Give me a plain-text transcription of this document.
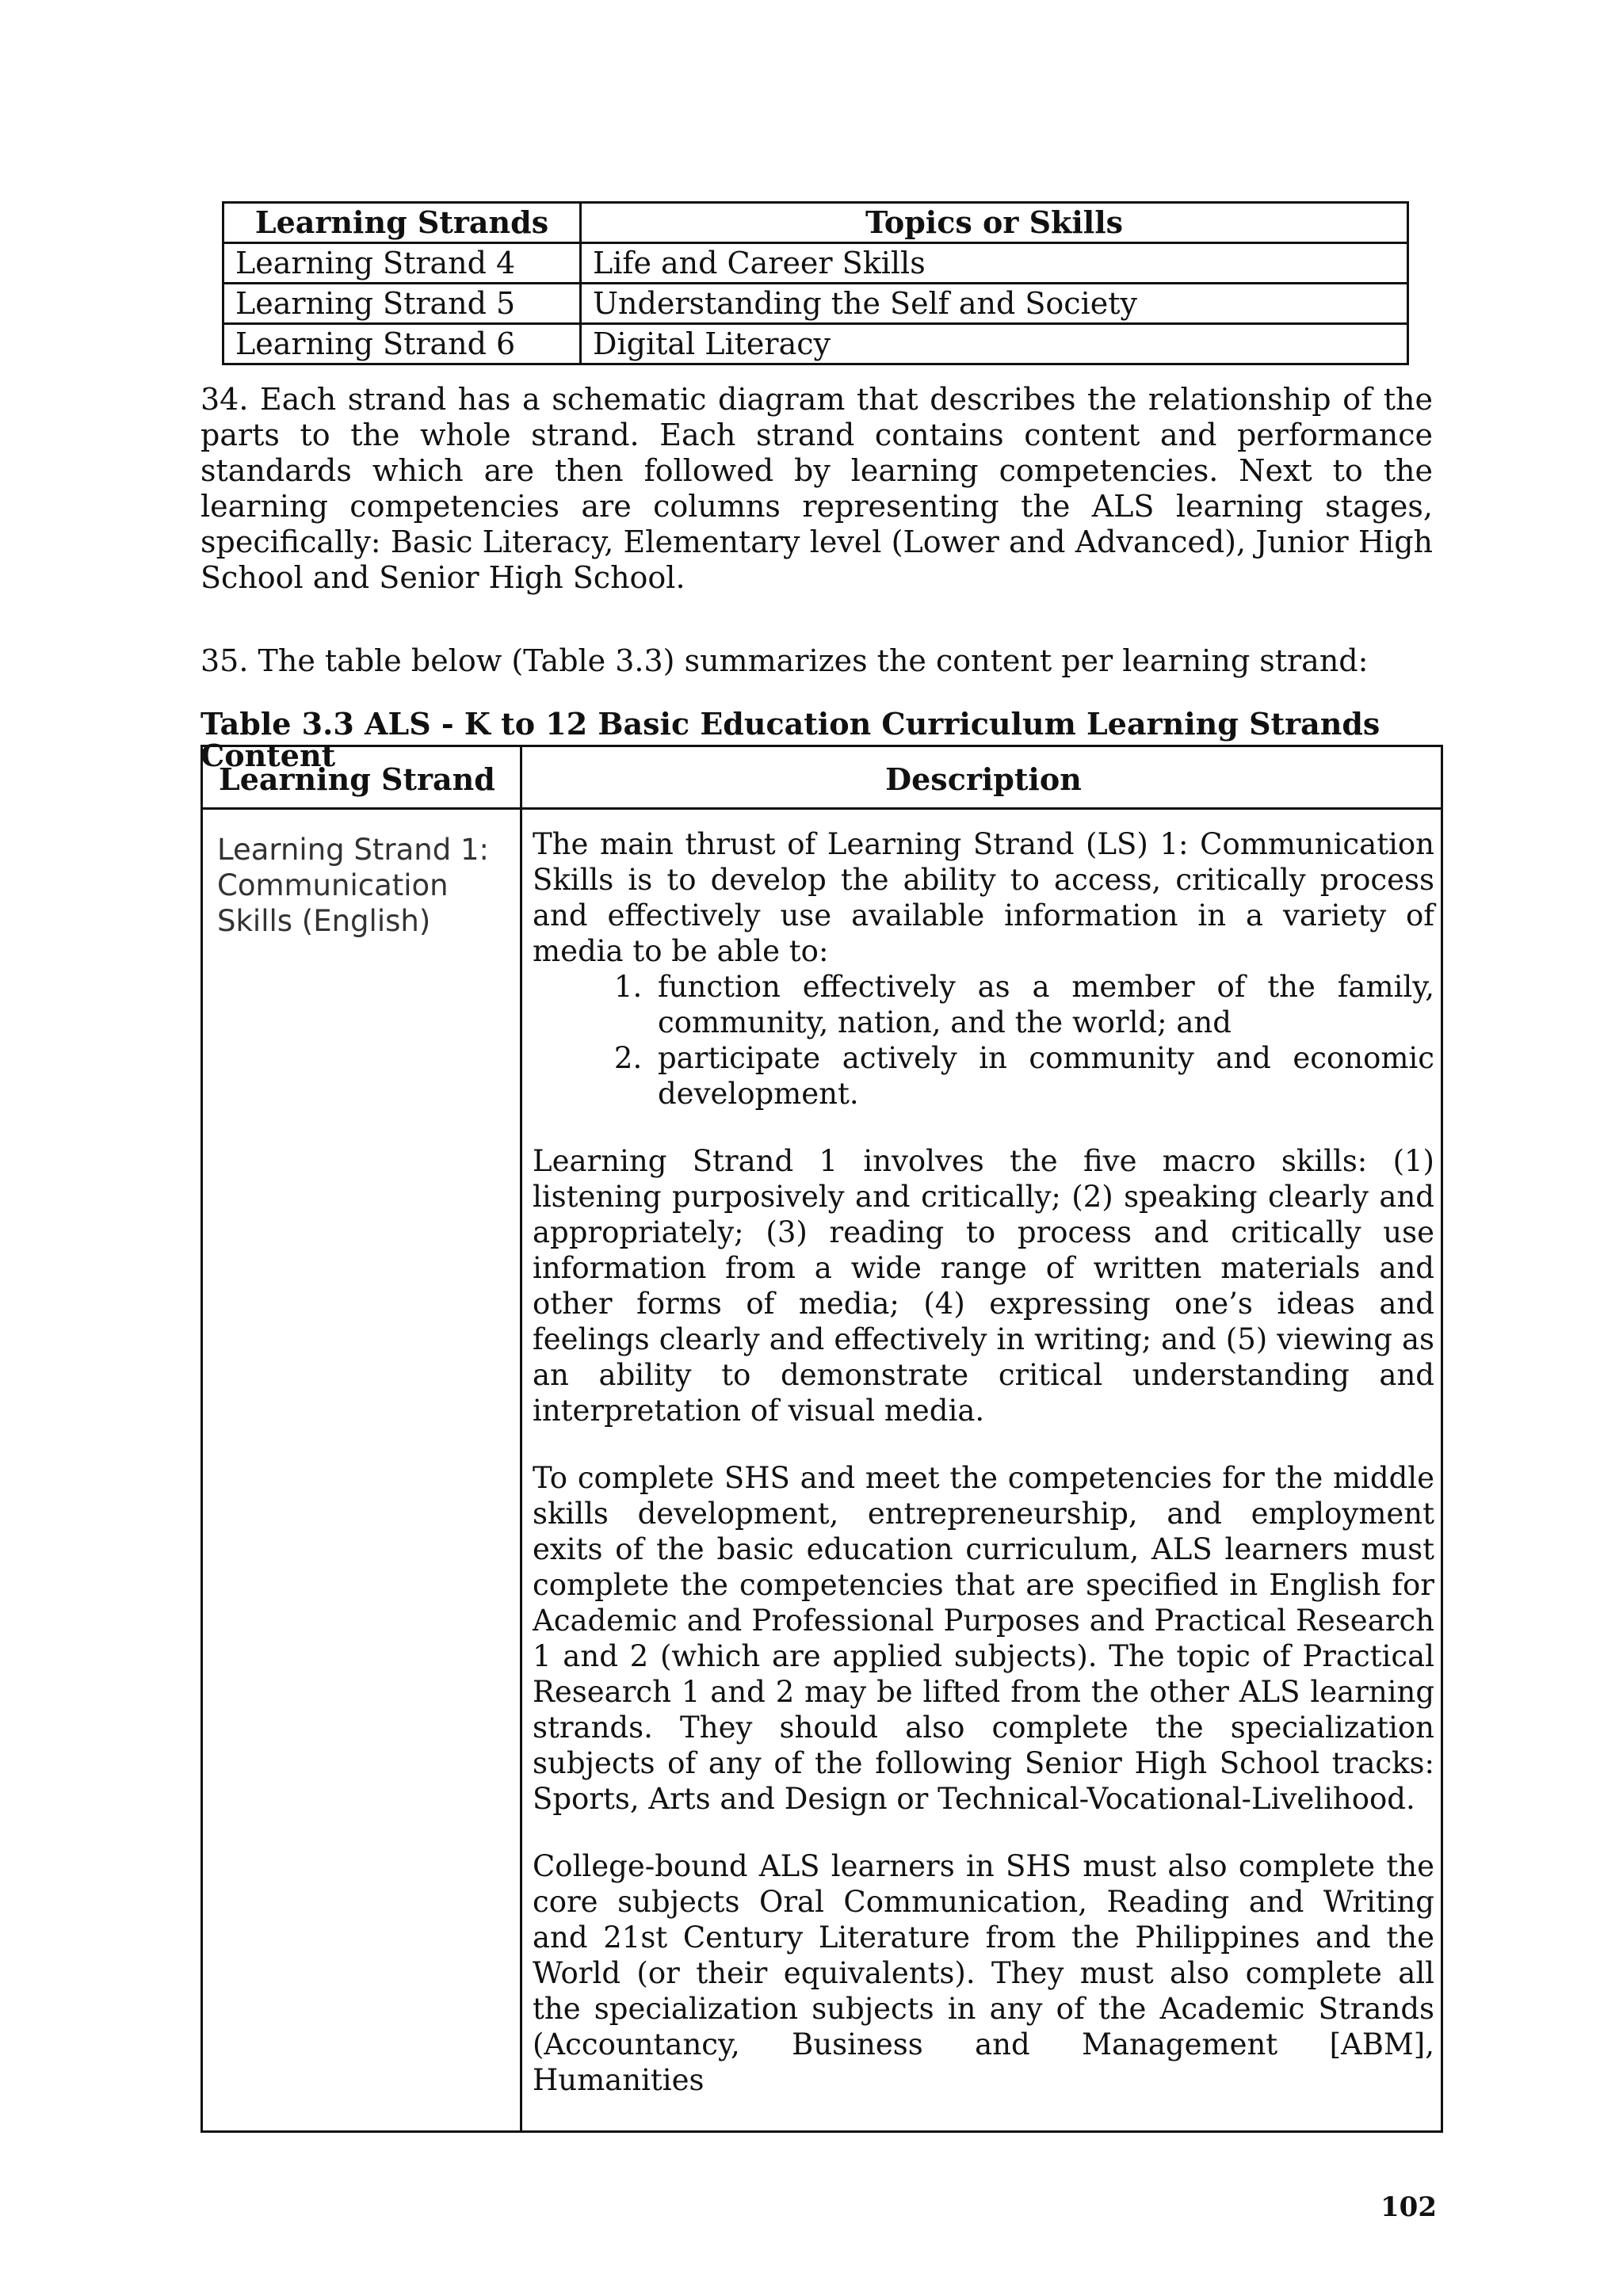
Learning Strands	Topics or Skills
Learning Strand 4	Life and Career Skills
Learning Strand 5	Understanding the Self and Society
Learning Strand 6	Digital Literacy

34. Each strand has a schematic diagram that describes the relationship of the parts to the whole strand. Each strand contains content and performance standards which are then followed by learning competencies. Next to the learning competencies are columns representing the ALS learning stages, specifically: Basic Literacy, Elementary level (Lower and Advanced), Junior High School and Senior High School.

35. The table below (Table 3.3) summarizes the content per learning strand:

Table 3.3 ALS - K to 12 Basic Education Curriculum Learning Strands Content

Learning Strand	Description
Learning Strand 1: Communication Skills (English)

The main thrust of Learning Strand (LS) 1: Communication Skills is to develop the ability to access, critically process and effectively use available information in a variety of media to be able to:

1. function effectively as a member of the family, community, nation, and the world; and
2. participate actively in community and economic development.

Learning Strand 1 involves the five macro skills: (1) listening purposively and critically; (2) speaking clearly and appropriately; (3) reading to process and critically use information from a wide range of written materials and other forms of media; (4) expressing one’s ideas and feelings clearly and effectively in writing; and (5) viewing as an ability to demonstrate critical understanding and interpretation of visual media.

To complete SHS and meet the competencies for the middle skills development, entrepreneurship, and employment exits of the basic education curriculum, ALS learners must complete the competencies that are specified in English for Academic and Professional Purposes and Practical Research 1 and 2 (which are applied subjects). The topic of Practical Research 1 and 2 may be lifted from the other ALS learning strands. They should also complete the specialization subjects of any of the following Senior High School tracks: Sports, Arts and Design or Technical-Vocational-Livelihood.

College-bound ALS learners in SHS must also complete the core subjects Oral Communication, Reading and Writing and 21st Century Literature from the Philippines and the World (or their equivalents). They must also complete all the specialization subjects in any of the Academic Strands (Accountancy, Business and Management [ABM], Humanities

102
